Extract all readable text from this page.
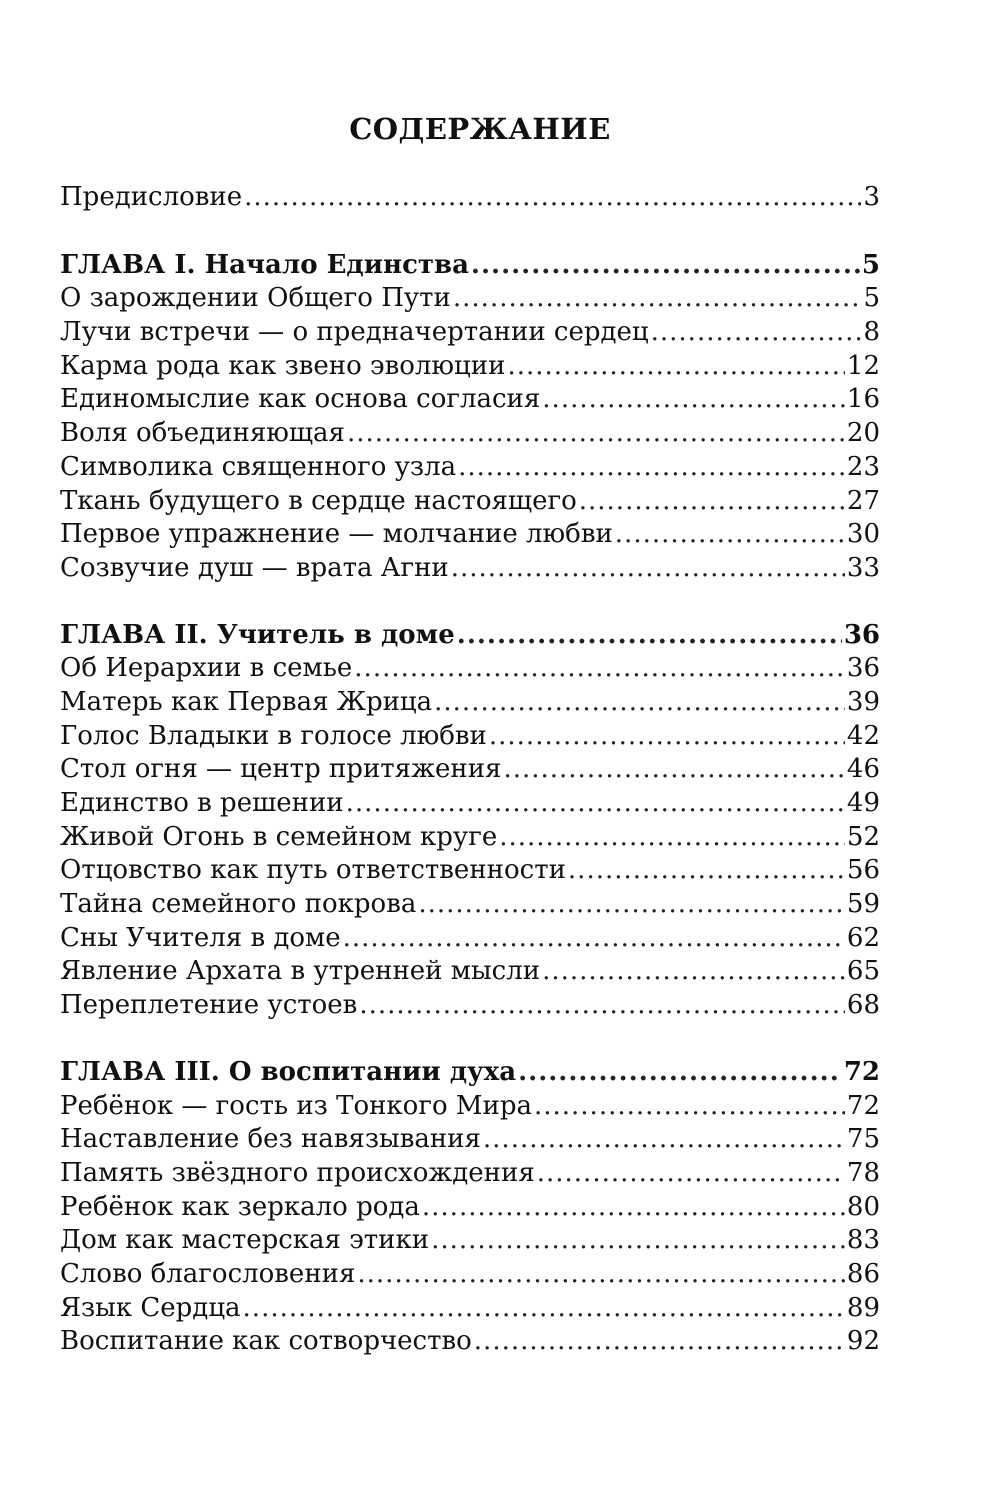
СОДЕРЖАНИЕ
Предисловие .....	3
ГЛАВА I. Начало Единства .....	5
О зарождении Общего Пути .....	5
Лучи встречи — о предначертании сердец .....	8
Карма рода как звено эволюции .....	12
Единомыслие как основа согласия .....	16
Воля объединяющая .....	20
Символика священного узла .....	23
Ткань будущего в сердце настоящего .....	27
Первое упражнение — молчание любви .....	30
Созвучие душ — врата Агни .....	33
ГЛАВА II. Учитель в доме .....	36
Об Иерархии в семье .....	36
Матерь как Первая Жрица .....	39
Голос Владыки в голосе любви .....	42
Стол огня — центр притяжения .....	46
Единство в решении .....	49
Живой Огонь в семейном круге .....	52
Отцовство как путь ответственности .....	56
Тайна семейного покрова .....	59
Сны Учителя в доме .....	62
Явление Архата в утренней мысли .....	65
Переплетение устоев .....	68
ГЛАВА III. О воспитании духа .....	72
Ребёнок — гость из Тонкого Мира .....	72
Наставление без навязывания .....	75
Память звёздного происхождения .....	78
Ребёнок как зеркало рода .....	80
Дом как мастерская этики .....	83
Слово благословения .....	86
Язык Сердца .....	89
Воспитание как сотворчество .....	92
